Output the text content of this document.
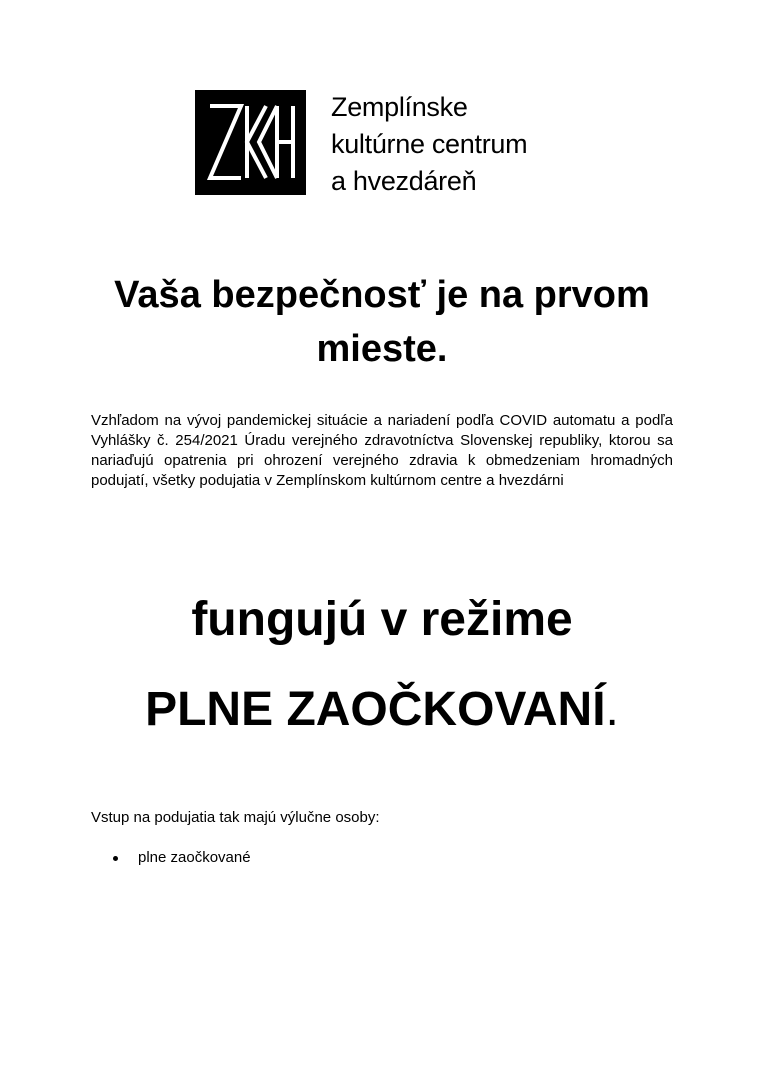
Zemplínske
kultúrne centrum
a hvezdáreň
Vaša bezpečnosť je na prvom mieste.
Vzhľadom na vývoj pandemickej situácie a nariadení podľa COVID automatu a podľa Vyhlášky č. 254/2021 Úradu verejného zdravotníctva Slovenskej republiky, ktorou sa nariaďujú opatrenia pri ohrození verejného zdravia k obmedzeniam hromadných podujatí, všetky podujatia v Zemplínskom kultúrnom centre a hvezdárni
fungujú v režime
PLNE ZAOČKOVANÍ.
Vstup na podujatia tak majú výlučne osoby:
plne zaočkované
